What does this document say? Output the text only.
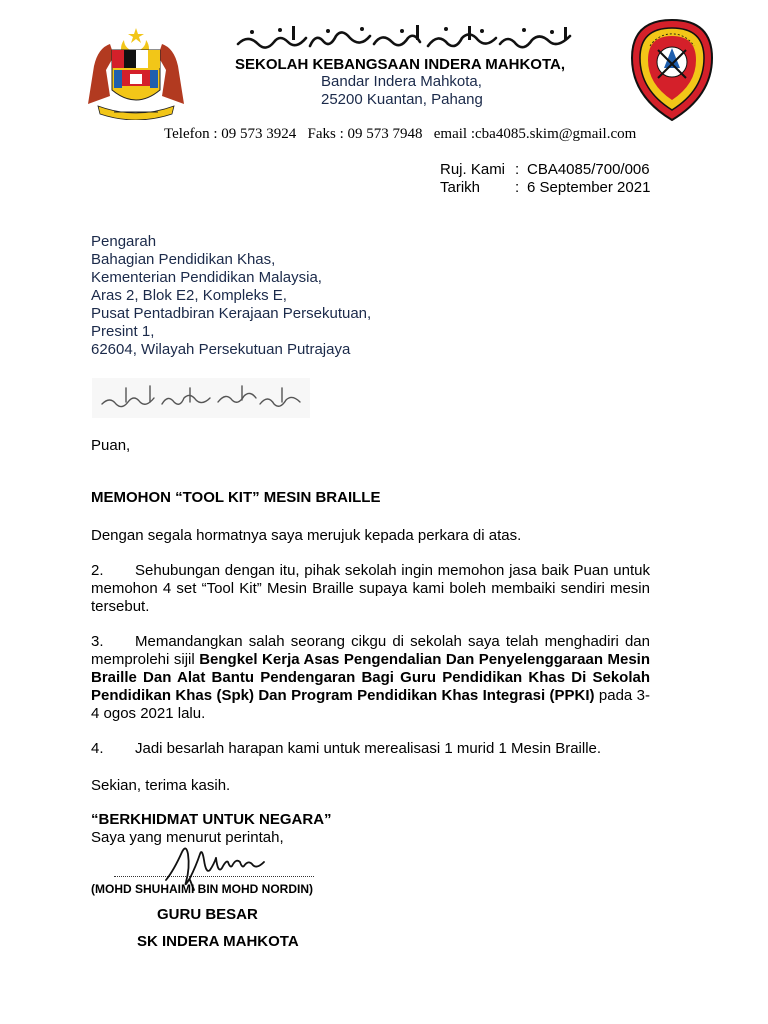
SEKOLAH KEBANGSAAN INDERA MAHKOTA,
Bandar Indera Mahkota,
25200 Kuantan, Pahang
Telefon : 09 573 3924   Faks : 09 573 7948   email :cba4085.skim@gmail.com
Ruj. Kami : CBA4085/700/006
Tarikh	: 6 September 2021
Pengarah
Bahagian Pendidikan Khas,
Kementerian Pendidikan Malaysia,
Aras 2, Blok E2, Kompleks E,
Pusat Pentadbiran Kerajaan Persekutuan,
Presint 1,
62604, Wilayah Persekutuan Putrajaya
Puan,
MEMOHON “TOOL KIT” MESIN BRAILLE
Dengan segala hormatnya saya merujuk kepada perkara di atas.
2. Sehubungan dengan itu, pihak sekolah ingin memohon jasa baik Puan untuk memohon 4 set “Tool Kit” Mesin Braille supaya kami boleh membaiki sendiri mesin tersebut.
3. Memandangkan salah seorang cikgu di sekolah saya telah menghadiri dan memprolehi sijil Bengkel Kerja Asas Pengendalian Dan Penyelenggaraan Mesin Braille Dan Alat Bantu Pendengaran Bagi Guru Pendidikan Khas Di Sekolah Pendidikan Khas (Spk) Dan Program Pendidikan Khas Integrasi (PPKI) pada 3-4 ogos 2021 lalu.
4. Jadi besarlah harapan kami untuk merealisasi 1 murid 1 Mesin Braille.
Sekian, terima kasih.
“BERKHIDMAT UNTUK NEGARA”
Saya yang menurut perintah,
(MOHD SHUHAIMI BIN MOHD NORDIN)
GURU BESAR
SK INDERA MAHKOTA
